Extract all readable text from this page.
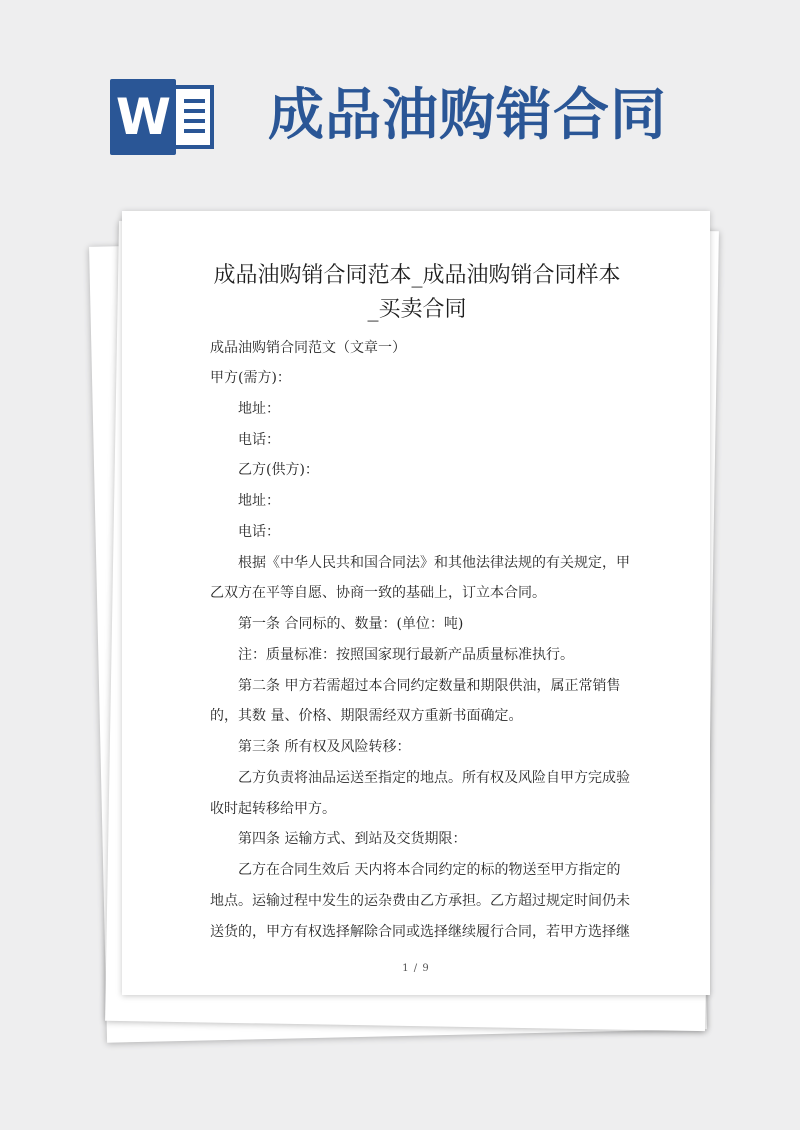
W 成品油购销合同
成品油购销合同范本_成品油购销合同样本
_买卖合同
成品油购销合同范文（文章一）
甲方(需方)：
地址：
电话：
乙方(供方)：
地址：
电话：
根据《中华人民共和国合同法》和其他法律法规的有关规定，甲
乙双方在平等自愿、协商一致的基础上，订立本合同。
第一条 合同标的、数量：(单位：吨)
注：质量标准：按照国家现行最新产品质量标准执行。
第二条 甲方若需超过本合同约定数量和期限供油，属正常销售
的，其数 量、价格、期限需经双方重新书面确定。
第三条 所有权及风险转移：
乙方负责将油品运送至指定的地点。所有权及风险自甲方完成验
收时起转移给甲方。
第四条 运输方式、到站及交货期限：
乙方在合同生效后 天内将本合同约定的标的物送至甲方指定的
地点。运输过程中发生的运杂费由乙方承担。乙方超过规定时间仍未
送货的，甲方有权选择解除合同或选择继续履行合同，若甲方选择继
1 / 9
